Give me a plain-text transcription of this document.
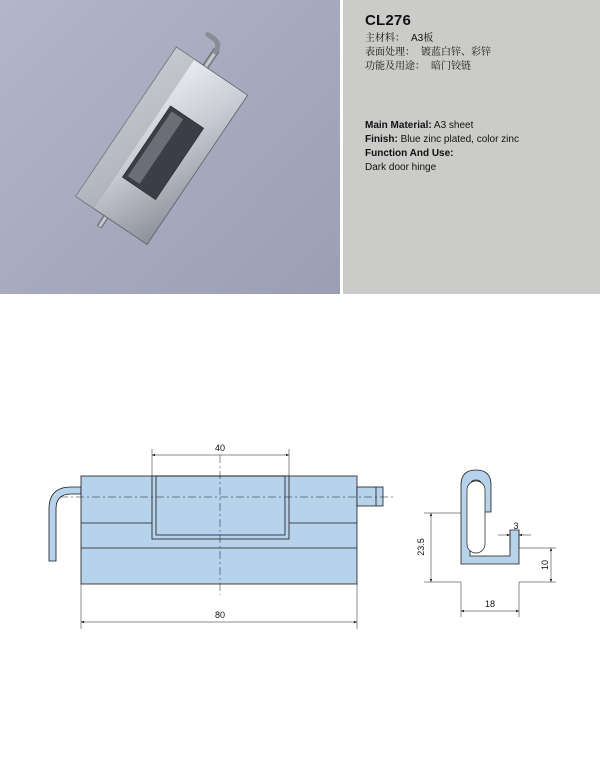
CL276
主材料： A3板
表面处理： 镀蓝白锌、彩锌
功能及用途： 暗门铰链
Main Material: A3 sheet
Finish: Blue zinc plated, color zinc
Function And Use:
Dark door hinge
40
80
23.5
10
3
18
